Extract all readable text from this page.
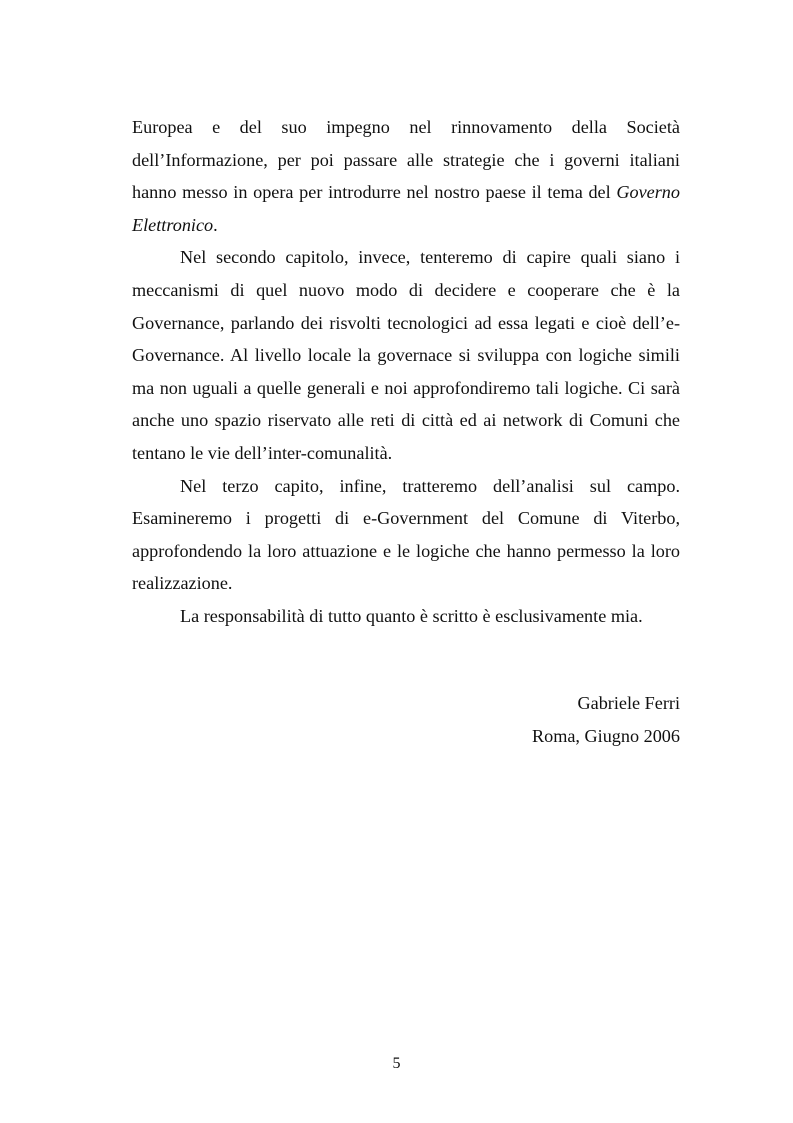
Europea e del suo impegno nel rinnovamento della Società dell’Informazione, per poi passare alle strategie che i governi italiani hanno messo in opera per introdurre nel nostro paese il tema del Governo Elettronico.

Nel secondo capitolo, invece, tenteremo di capire quali siano i meccanismi di quel nuovo modo di decidere e cooperare che è la Governance, parlando dei risvolti tecnologici ad essa legati e cioè dell’e-Governance. Al livello locale la governace si sviluppa con logiche simili ma non uguali a quelle generali e noi approfondiremo tali logiche. Ci sarà anche uno spazio riservato alle reti di città ed ai network di Comuni che tentano le vie dell’inter-comunalità.

Nel terzo capito, infine, tratteremo dell’analisi sul campo. Esamineremo i progetti di e-Government del Comune di Viterbo, approfondendo la loro attuazione e le logiche che hanno permesso la loro realizzazione.

La responsabilità di tutto quanto è scritto è esclusivamente mia.

Gabriele Ferri
Roma, Giugno 2006
5
